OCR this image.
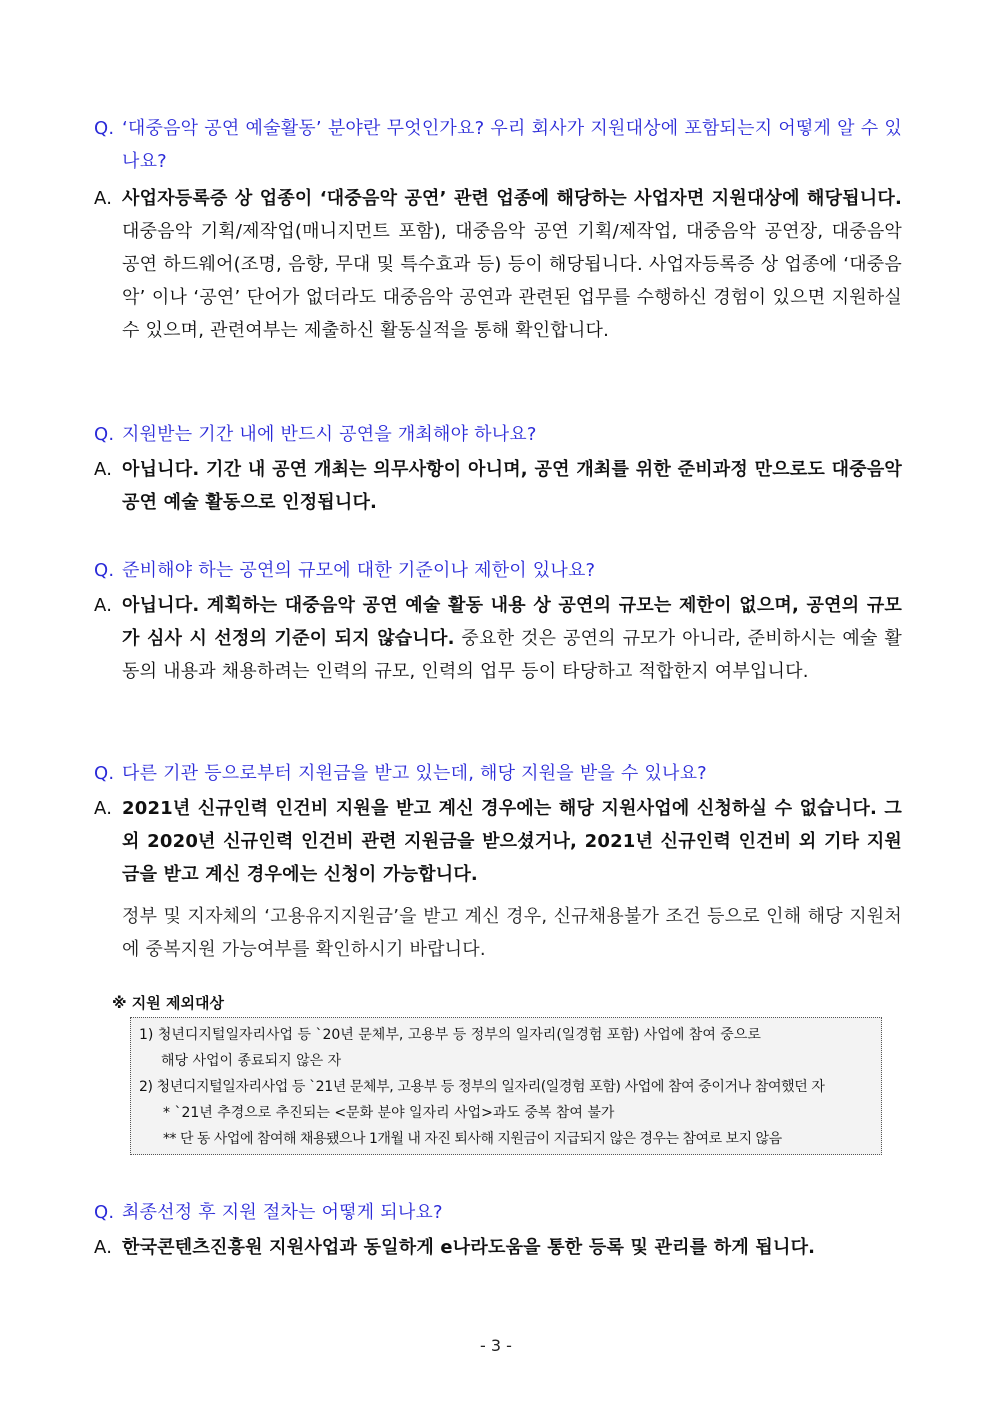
Q. ‘대중음악 공연 예술활동’ 분야란 무엇인가요? 우리 회사가 지원대상에 포함되는지 어떻게 알 수 있나요?

A. 사업자등록증 상 업종이 ‘대중음악 공연’ 관련 업종에 해당하는 사업자면 지원대상에 해당됩니다. 대중음악 기획/제작업(매니지먼트 포함), 대중음악 공연 기획/제작업, 대중음악 공연장, 대중음악 공연 하드웨어(조명, 음향, 무대 및 특수효과 등) 등이 해당됩니다. 사업자등록증 상 업종에 ‘대중음악’ 이나 ‘공연’ 단어가 없더라도 대중음악 공연과 관련된 업무를 수행하신 경험이 있으면 지원하실 수 있으며, 관련여부는 제출하신 활동실적을 통해 확인합니다.

Q. 지원받는 기간 내에 반드시 공연을 개최해야 하나요?

A. 아닙니다. 기간 내 공연 개최는 의무사항이 아니며, 공연 개최를 위한 준비과정 만으로도 대중음악 공연 예술 활동으로 인정됩니다.

Q. 준비해야 하는 공연의 규모에 대한 기준이나 제한이 있나요?

A. 아닙니다. 계획하는 대중음악 공연 예술 활동 내용 상 공연의 규모는 제한이 없으며, 공연의 규모가 심사 시 선정의 기준이 되지 않습니다. 중요한 것은 공연의 규모가 아니라, 준비하시는 예술 활동의 내용과 채용하려는 인력의 규모, 인력의 업무 등이 타당하고 적합한지 여부입니다.

Q. 다른 기관 등으로부터 지원금을 받고 있는데, 해당 지원을 받을 수 있나요?

A. 2021년 신규인력 인건비 지원을 받고 계신 경우에는 해당 지원사업에 신청하실 수 없습니다. 그 외 2020년 신규인력 인건비 관련 지원금을 받으셨거나, 2021년 신규인력 인건비 외 기타 지원금을 받고 계신 경우에는 신청이 가능합니다.

정부 및 지자체의 ‘고용유지지원금’을 받고 계신 경우, 신규채용불가 조건 등으로 인해 해당 지원처에 중복지원 가능여부를 확인하시기 바랍니다.

※ 지원 제외대상
1) 청년디지털일자리사업 등 `20년 문체부, 고용부 등 정부의 일자리(일경험 포함) 사업에 참여 중으로
해당 사업이 종료되지 않은 자
2) 청년디지털일자리사업 등 `21년 문체부, 고용부 등 정부의 일자리(일경험 포함) 사업에 참여 중이거나 참여했던 자
* `21년 추경으로 추진되는 <문화 분야 일자리 사업>과도 중복 참여 불가
** 단 동 사업에 참여해 채용됐으나 1개월 내 자진 퇴사해 지원금이 지급되지 않은 경우는 참여로 보지 않음

Q. 최종선정 후 지원 절차는 어떻게 되나요?

A. 한국콘텐츠진흥원 지원사업과 동일하게 e나라도움을 통한 등록 및 관리를 하게 됩니다.

- 3 -
